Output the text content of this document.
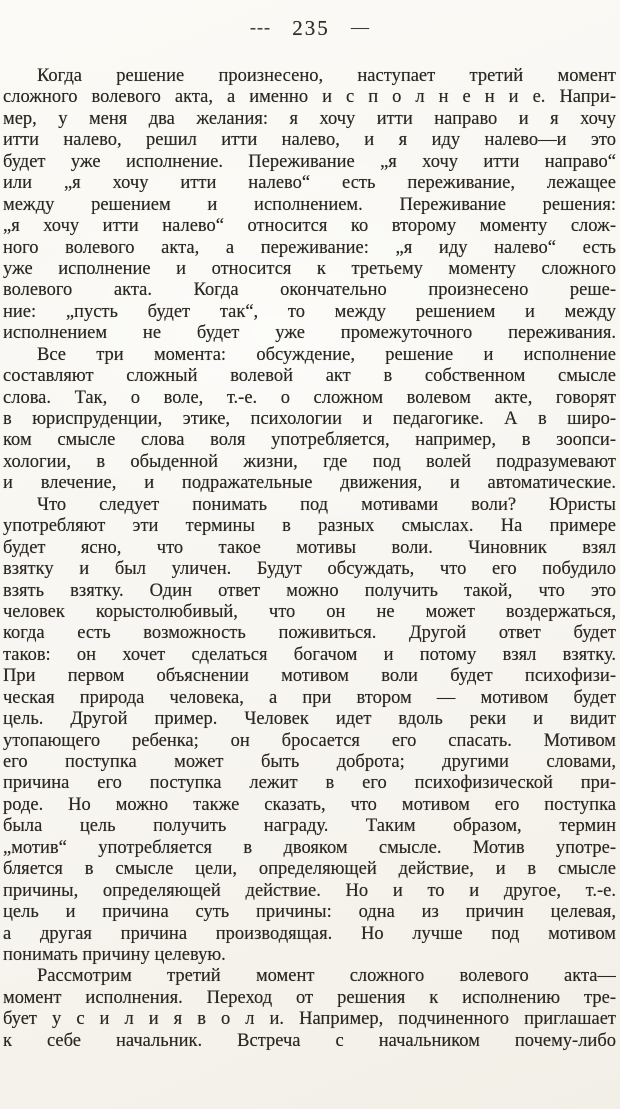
--- 235 —
Когда решение произнесено, наступает третий момент
сложного волевого акта, а именно и с п о л н е н и е. Напри-
мер, у меня два желания: я хочу итти направо и я хочу
итти налево, решил итти налево, и я иду налево—и это
будет уже исполнение. Переживание „я хочу итти направо“
или „я хочу итти налево“ есть переживание, лежащее
между решением и исполнением. Переживание решения:
„я хочу итти налево“ относится ко второму моменту слож-
ного волевого акта, а переживание: „я иду налево“ есть
уже исполнение и относится к третьему моменту сложного
волевого акта. Когда окончательно произнесено реше-
ние: „пусть будет так“, то между решением и между
исполнением не будет уже промежуточного переживания.
Все три момента: обсуждение, решение и исполнение
составляют сложный волевой акт в собственном смысле
слова. Так, о воле, т.-е. о сложном волевом акте, говорят
в юриспруденции, этике, психологии и педагогике. А в широ-
ком смысле слова воля употребляется, например, в зоопси-
хологии, в обыденной жизни, где под волей подразумевают
и влечение, и подражательные движения, и автоматические.
Что следует понимать под мотивами воли? Юристы
употребляют эти термины в разных смыслах. На примере
будет ясно, что такое мотивы воли. Чиновник взял
взятку и был уличен. Будут обсуждать, что его побудило
взять взятку. Один ответ можно получить такой, что это
человек корыстолюбивый, что он не может воздержаться,
когда есть возможность поживиться. Другой ответ будет
таков: он хочет сделаться богачом и потому взял взятку.
При первом объяснении мотивом воли будет психофизи-
ческая природа человека, а при втором — мотивом будет
цель. Другой пример. Человек идет вдоль реки и видит
утопающего ребенка; он бросается его спасать. Мотивом
его поступка может быть доброта; другими словами,
причина его поступка лежит в его психофизической при-
роде. Но можно также сказать, что мотивом его поступка
была цель получить награду. Таким образом, термин
„мотив“ употребляется в двояком смысле. Мотив употре-
бляется в смысле цели, определяющей действие, и в смысле
причины, определяющей действие. Но и то и другое, т.-е.
цель и причина суть причины: одна из причин целевая,
а другая причина производящая. Но лучше под мотивом
понимать причину целевую.
Рассмотрим третий момент сложного волевого акта—
момент исполнения. Переход от решения к исполнению тре-
бует у с и л и я в о л и. Например, подчиненного приглашает
к себе начальник. Встреча с начальником почему-либо
